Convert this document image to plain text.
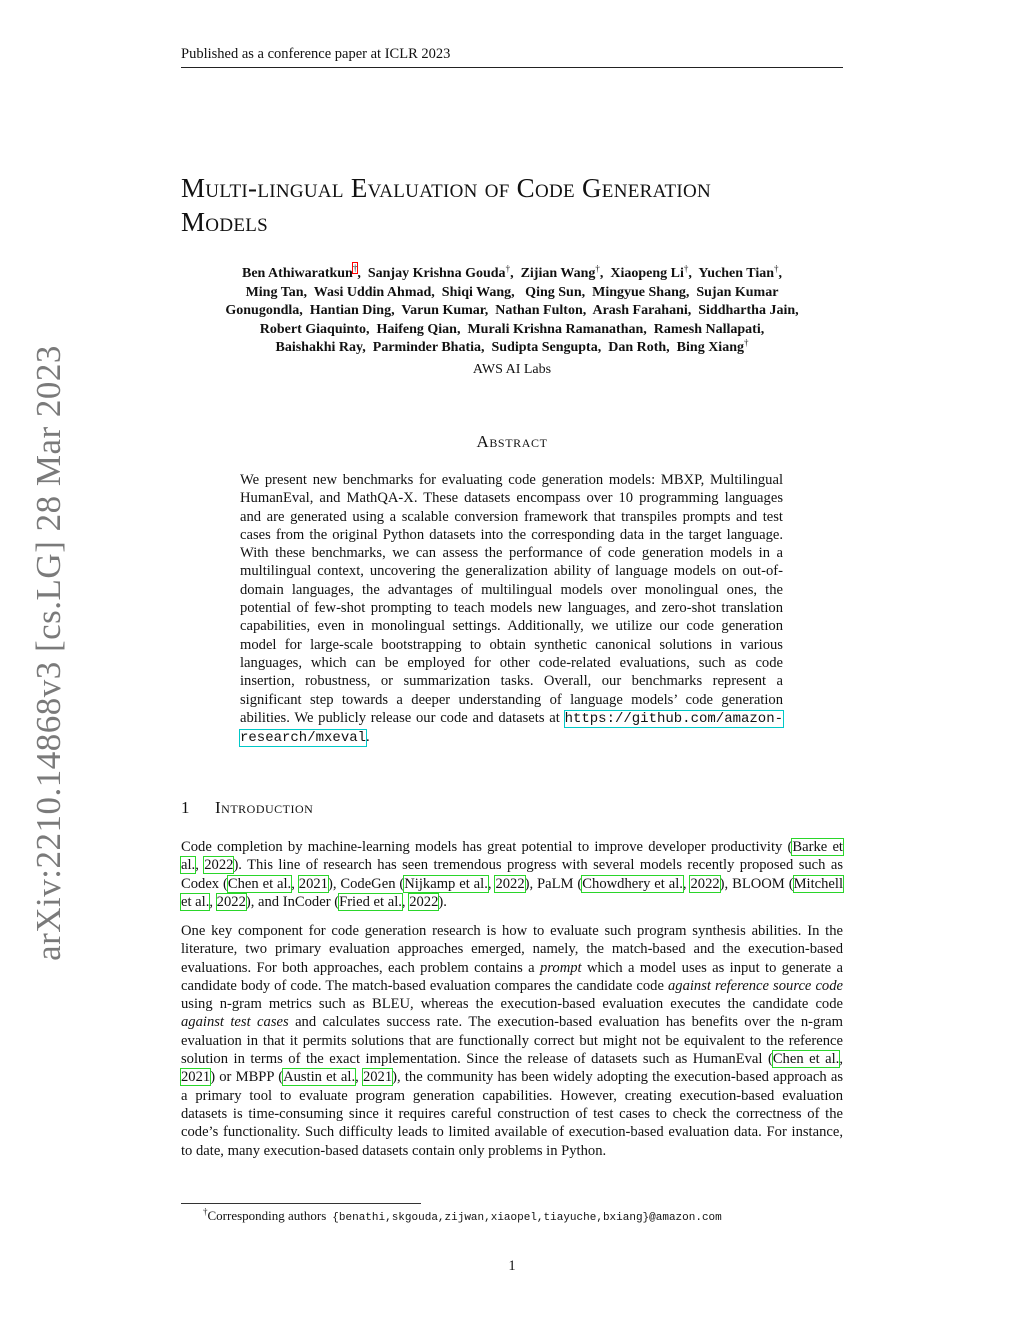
Published as a conference paper at ICLR 2023
arXiv:2210.14868v3 [cs.LG] 28 Mar 2023
Multi-lingual Evaluation of Code Generation
Models
Ben Athiwaratkun†, Sanjay Krishna Gouda†, Zijian Wang†, Xiaopeng Li†, Yuchen Tian†,
Ming Tan,  Wasi Uddin Ahmad,  Shiqi Wang,   Qing Sun,  Mingyue Shang,  Sujan Kumar
Gonugondla,  Hantian Ding,  Varun Kumar,  Nathan Fulton,  Arash Farahani,  Siddhartha Jain,
Robert Giaquinto,  Haifeng Qian,  Murali Krishna Ramanathan,  Ramesh Nallapati,
Baishakhi Ray,  Parminder Bhatia,  Sudipta Sengupta,  Dan Roth,  Bing Xiang†
AWS AI Labs
Abstract
We present new benchmarks for evaluating code generation models: MBXP, Multilingual HumanEval, and MathQA-X. These datasets encompass over 10 programming languages and are generated using a scalable conversion framework that transpiles prompts and test cases from the original Python datasets into the corresponding data in the target language. With these benchmarks, we can assess the performance of code generation models in a multilingual context, uncovering the generalization ability of language models on out-of-domain languages, the advantages of multilingual models over monolingual ones, the potential of few-shot prompting to teach models new languages, and zero-shot translation capabilities, even in monolingual settings. Additionally, we utilize our code generation model for large-scale bootstrapping to obtain synthetic canonical solutions in various languages, which can be employed for other code-related evaluations, such as code insertion, robustness, or summarization tasks. Overall, our benchmarks represent a significant step towards a deeper understanding of language models’ code generation abilities. We publicly release our code and datasets at https://github.com/amazon-research/mxeval.
1 Introduction
Code completion by machine-learning models has great potential to improve developer productivity (Barke et al., 2022). This line of research has seen tremendous progress with several models recently proposed such as Codex (Chen et al., 2021), CodeGen (Nijkamp et al., 2022), PaLM (Chowdhery et al., 2022), BLOOM (Mitchell et al., 2022), and InCoder (Fried et al., 2022).
One key component for code generation research is how to evaluate such program synthesis abilities. In the literature, two primary evaluation approaches emerged, namely, the match-based and the execution-based evaluations. For both approaches, each problem contains a prompt which a model uses as input to generate a candidate body of code. The match-based evaluation compares the candidate code against reference source code using n-gram metrics such as BLEU, whereas the execution-based evaluation executes the candidate code against test cases and calculates success rate. The execution-based evaluation has benefits over the n-gram evaluation in that it permits solutions that are functionally correct but might not be equivalent to the reference solution in terms of the exact implementation. Since the release of datasets such as HumanEval (Chen et al., 2021) or MBPP (Austin et al., 2021), the community has been widely adopting the execution-based approach as a primary tool to evaluate program generation capabilities. However, creating execution-based evaluation datasets is time-consuming since it requires careful construction of test cases to check the correctness of the code’s functionality. Such difficulty leads to limited available of execution-based evaluation data. For instance, to date, many execution-based datasets contain only problems in Python.
†Corresponding authors {benathi,skgouda,zijwan,xiaopel,tiayuche,bxiang}@amazon.com
1
